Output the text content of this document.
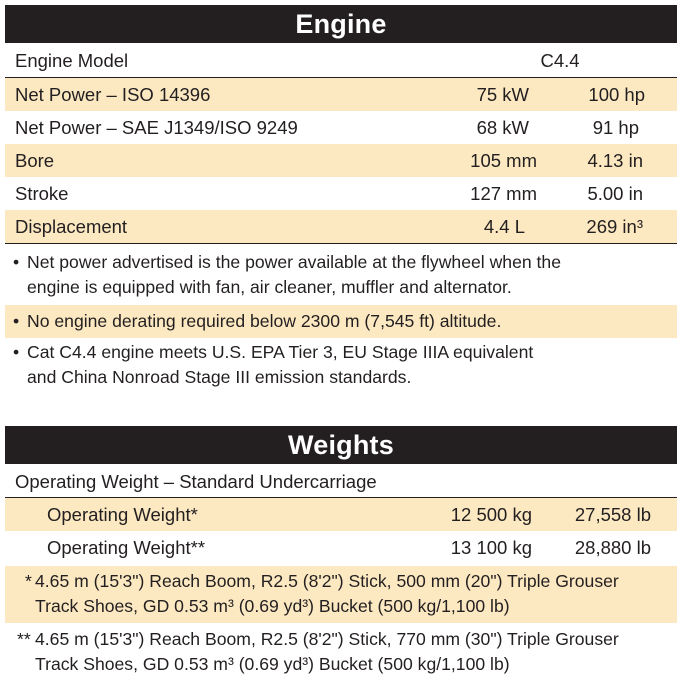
Engine
Engine Model	C4.4
Net Power – ISO 14396	75 kW	100 hp
Net Power – SAE J1349/ISO 9249	68 kW	91 hp
Bore	105 mm	4.13 in
Stroke	127 mm	5.00 in
Displacement	4.4 L	269 in³
• Net power advertised is the power available at the flywheel when the
engine is equipped with fan, air cleaner, muffler and alternator.
• No engine derating required below 2300 m (7,545 ft) altitude.
• Cat C4.4 engine meets U.S. EPA Tier 3, EU Stage IIIA equivalent
and China Nonroad Stage III emission standards.
Weights
Operating Weight – Standard Undercarriage
Operating Weight*	12 500 kg 27,558 lb
Operating Weight**	13 100 kg 28,880 lb
* 4.65 m (15'3") Reach Boom, R2.5 (8'2") Stick, 500 mm (20") Triple Grouser
Track Shoes, GD 0.53 m³ (0.69 yd³) Bucket (500 kg/1,100 lb)
** 4.65 m (15'3") Reach Boom, R2.5 (8'2") Stick, 770 mm (30") Triple Grouser
Track Shoes, GD 0.53 m³ (0.69 yd³) Bucket (500 kg/1,100 lb)
